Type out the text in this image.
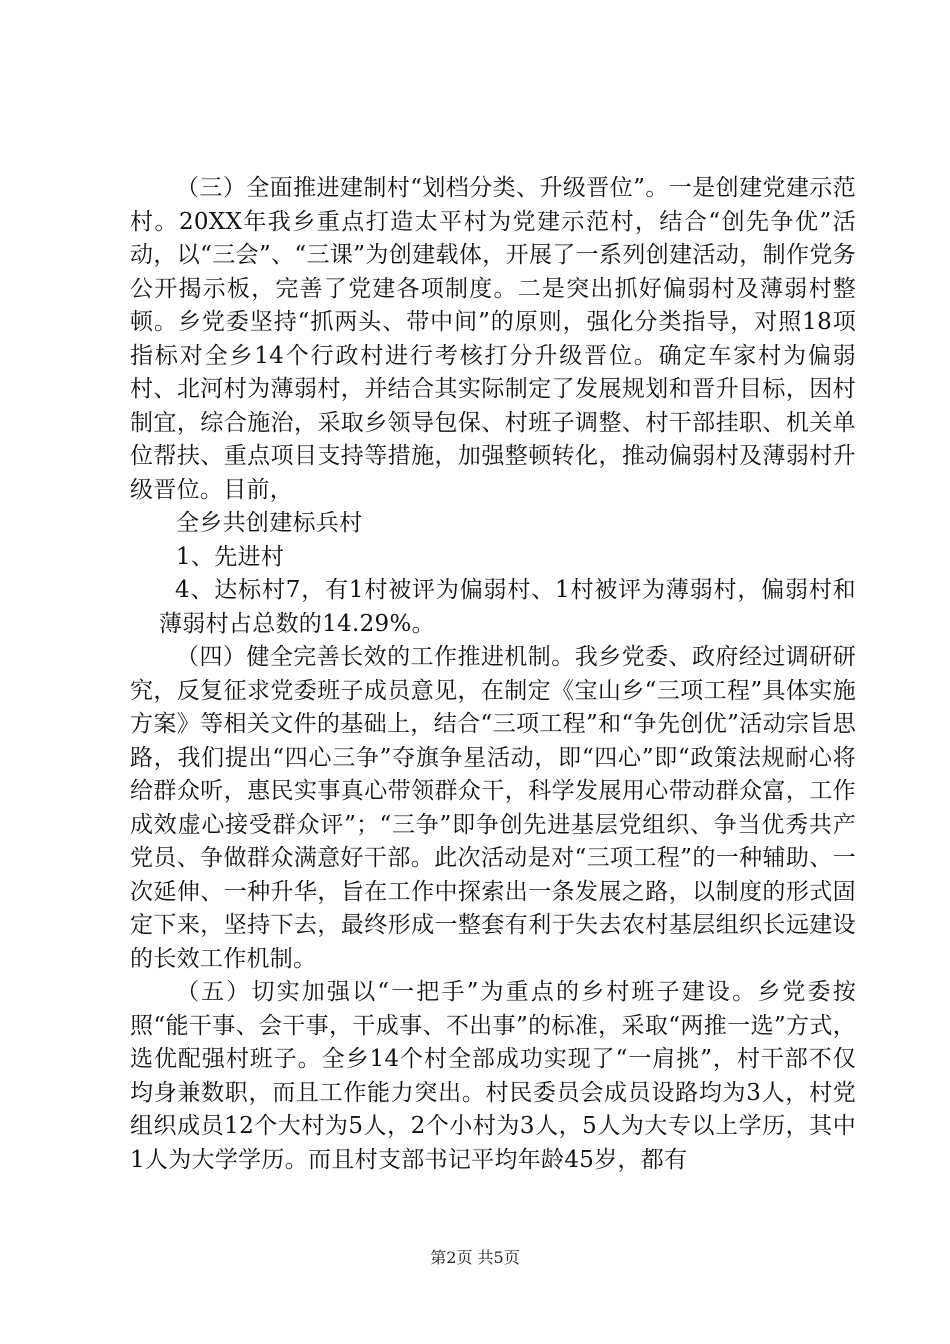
（三）全面推进建制村“划档分类、升级晋位”。一是创建党建示范村。20XX年我乡重点打造太平村为党建示范村，结合“创先争优”活动，以“三会”、“三课”为创建载体，开展了一系列创建活动，制作党务公开揭示板，完善了党建各项制度。二是突出抓好偏弱村及薄弱村整顿。乡党委坚持“抓两头、带中间”的原则，强化分类指导，对照18项指标对全乡14个行政村进行考核打分升级晋位。确定车家村为偏弱村、北河村为薄弱村，并结合其实际制定了发展规划和晋升目标，因村制宜，综合施治，采取乡领导包保、村班子调整、村干部挂职、机关单位帮扶、重点项目支持等措施，加强整顿转化，推动偏弱村及薄弱村升级晋位。目前，

全乡共创建标兵村

1、先进村

4、达标村7，有1村被评为偏弱村、1村被评为薄弱村，偏弱村和薄弱村占总数的14.29%。

（四）健全完善长效的工作推进机制。我乡党委、政府经过调研研究，反复征求党委班子成员意见，在制定《宝山乡“三项工程”具体实施方案》等相关文件的基础上，结合“三项工程”和“争先创优”活动宗旨思路，我们提出“四心三争”夺旗争星活动，即“四心”即“政策法规耐心将给群众听，惠民实事真心带领群众干，科学发展用心带动群众富，工作成效虚心接受群众评”；“三争”即争创先进基层党组织、争当优秀共产党员、争做群众满意好干部。此次活动是对“三项工程”的一种辅助、一次延伸、一种升华，旨在工作中探索出一条发展之路，以制度的形式固定下来，坚持下去，最终形成一整套有利于失去农村基层组织长远建设的长效工作机制。

（五）切实加强以“一把手”为重点的乡村班子建设。乡党委按照“能干事、会干事，干成事、不出事”的标准，采取“两推一选”方式，选优配强村班子。全乡14个村全部成功实现了“一肩挑”，村干部不仅均身兼数职，而且工作能力突出。村民委员会成员设路均为3人，村党组织成员12个大村为5人，2个小村为3人，5人为大专以上学历，其中1人为大学学历。而且村支部书记平均年龄45岁，都有

第2页 共5页
